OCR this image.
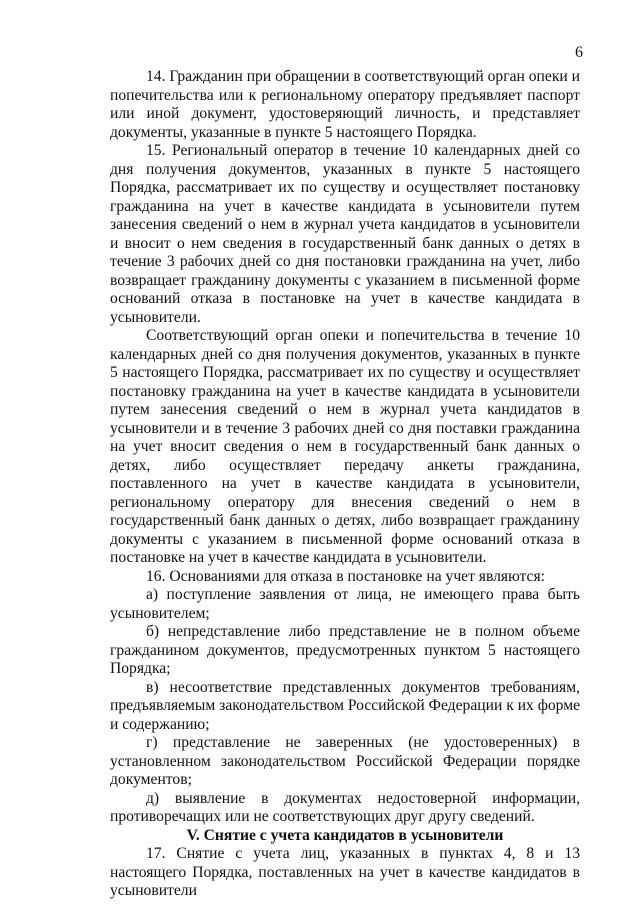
6

14. Гражданин при обращении в соответствующий орган опеки и попечительства или к региональному оператору предъявляет паспорт или иной документ, удостоверяющий личность, и представляет документы, указанные в пункте 5 настоящего Порядка.

15. Региональный оператор в течение 10 календарных дней со дня получения документов, указанных в пункте 5 настоящего Порядка, рассматривает их по существу и осуществляет постановку гражданина на учет в качестве кандидата в усыновители путем занесения сведений о нем в журнал учета кандидатов в усыновители и вносит о нем сведения в государственный банк данных о детях в течение 3 рабочих дней со дня постановки гражданина на учет, либо возвращает гражданину документы с указанием в письменной форме оснований отказа в постановке на учет в качестве кандидата в усыновители.

Соответствующий орган опеки и попечительства в течение 10 календарных дней со дня получения документов, указанных в пункте 5 настоящего Порядка, рассматривает их по существу и осуществляет постановку гражданина на учет в качестве кандидата в усыновители путем занесения сведений о нем в журнал учета кандидатов в усыновители и в течение 3 рабочих дней со дня поставки гражданина на учет вносит сведения о нем в государственный банк данных о детях, либо осуществляет передачу анкеты гражданина, поставленного на учет в качестве кандидата в усыновители, региональному оператору для внесения сведений о нем в государственный банк данных о детях, либо возвращает гражданину документы с указанием в письменной форме оснований отказа в постановке на учет в качестве кандидата в усыновители.

16. Основаниями для отказа в постановке на учет являются:

а) поступление заявления от лица, не имеющего права быть усыновителем;

б) непредставление либо представление не в полном объеме гражданином документов, предусмотренных пунктом 5 настоящего Порядка;

в) несоответствие представленных документов требованиям, предъявляемым законодательством Российской Федерации к их форме и содержанию;

г) представление не заверенных (не удостоверенных) в установленном законодательством Российской Федерации порядке документов;

д) выявление в документах недостоверной информации, противоречащих или не соответствующих друг другу сведений.

V. Снятие с учета кандидатов в усыновители

17. Снятие с учета лиц, указанных в пунктах 4, 8 и 13 настоящего Порядка, поставленных на учет в качестве кандидатов в усыновители
